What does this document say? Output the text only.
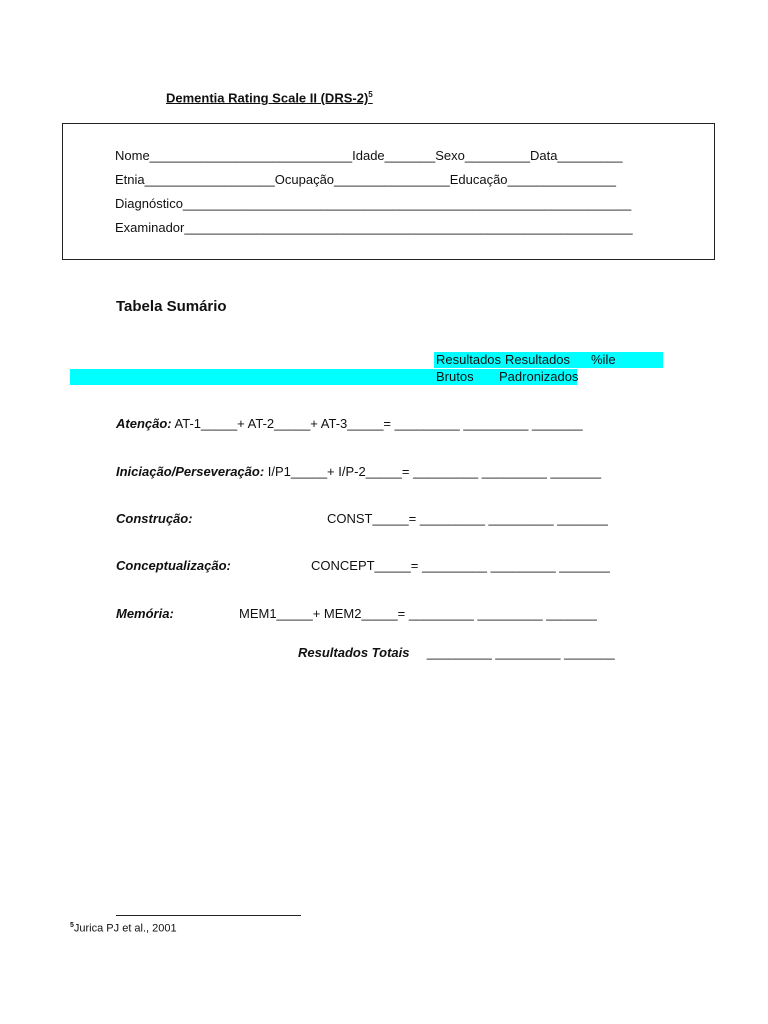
Dementia Rating Scale II $(DRS-2)^5$
Nome____________________________Idade_______Sexo_________Data_________
Etnia__________________Ocupação________________Educação_______________
Diagnóstico______________________________________________________________
Examinador______________________________________________________________
Tabela Sumário
Resultados Resultados %ile
Brutos Padronizados
Atenção: AT-1_____+ AT-2_____+ AT-3_____= _________ _________ _______
Iniciação/Perseveração: I/P1_____+ I/P-2_____= _________ _________ _______
Construção:	CONST_____= _________ _________ _______
Conceptualização:	CONCEPT_____= _________ _________ _______
Memória:	MEM1_____+ MEM2_____= _________ _________ _______
Resultados Totais _________ _________ _______
$^5$Jurica PJ et al., 2001
